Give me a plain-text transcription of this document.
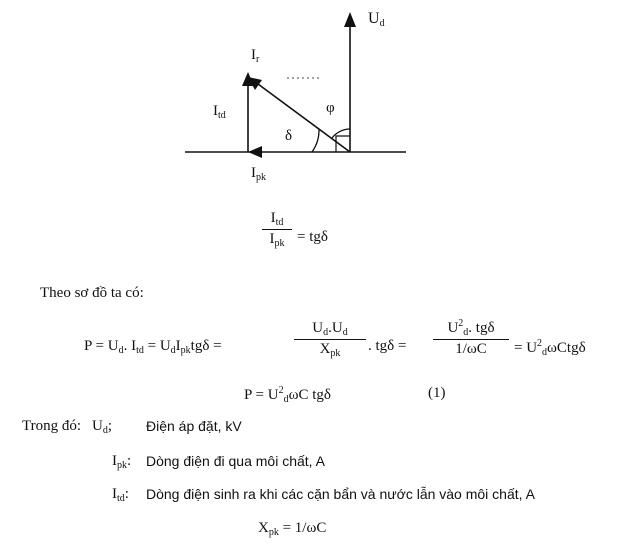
$U_d$
$I_r$
$I_{td}$
$I_{pk}$
φ
δ
$I_{td}$
$I_{pk} = tg\delta$
Theo sơ đồ ta có:
$P = U_d$. $I_{td} = U_dI_{pk}tg\delta$ =
$U_d.U_d$
$X_{pk}$	. tgδ =
$U^2_d$. tgδ
1/ωC	= $U^2_d\omega Ctg\delta$
$P = U^2_d\omega C$ tgδ	(1)
Trong đó: $U_d$; Điện áp đặt, kV
$I_{pk}$: Dòng điện đi qua môi chất, A
$I_{td}$: Dòng điện sinh ra khi các cặn bẩn và nước lẫn vào môi chất, A
$X_{pk} = 1/\omega C$
